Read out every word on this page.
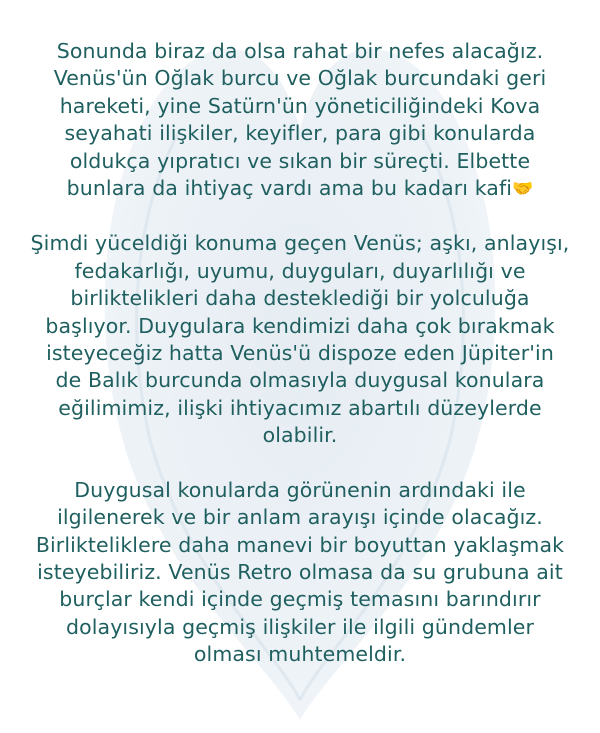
Sonunda biraz da olsa rahat bir nefes alacağız. Venüs'ün Oğlak burcu ve Oğlak burcundaki geri hareketi, yine Satürn'ün yöneticiliğindeki Kova seyahati ilişkiler, keyifler, para gibi konularda oldukça yıpratıcı ve sıkan bir süreçti. Elbette bunlara da ihtiyaç vardı ama bu kadarı kafi🤝

Şimdi yüceldiği konuma geçen Venüs; aşkı, anlayışı, fedakarlığı, uyumu, duyguları, duyarlılığı ve birliktelikleri daha desteklediği bir yolculuğa başlıyor. Duygulara kendimizi daha çok bırakmak isteyeceğiz hatta Venüs'ü dispoze eden Jüpiter'in de Balık burcunda olmasıyla duygusal konulara eğilimimiz, ilişki ihtiyacımız abartılı düzeylerde olabilir.

Duygusal konularda görünenin ardındaki ile ilgilenerek ve bir anlam arayışı içinde olacağız. Birlikteliklere daha manevi bir boyuttan yaklaşmak isteyebiliriz. Venüs Retro olmasa da su grubuna ait burçlar kendi içinde geçmiş temasını barındırır dolayısıyla geçmiş ilişkiler ile ilgili gündemler olması muhtemeldir.
